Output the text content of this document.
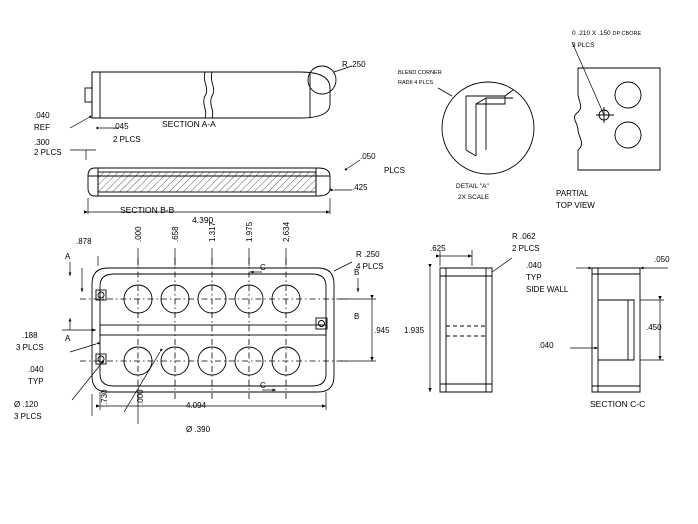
R .250
.040
REF
.300
2 PLCS
.045
2 PLCS
SECTION A-A
BLEND CORNER
RADII 4 PLCS
DETAIL "A"
2X SCALE
0 .210 X .150 DP CBORE
3 PLCS
PARTIAL
TOP VIEW
.050
PLCS
.425
SECTION B-B
4.390
.878	.000	.658	1.317	1.975	2.634
R .250
4 PLCS
.188
3 PLCS
.040
TYP
Ø .120
3 PLCS
.730	.000
4.094
Ø .390
.945
A
A
B
B
C
C
.625
1.935
R .062
2 PLCS
.040
TYP
SIDE WALL
.050
.450
.040
SECTION C-C
